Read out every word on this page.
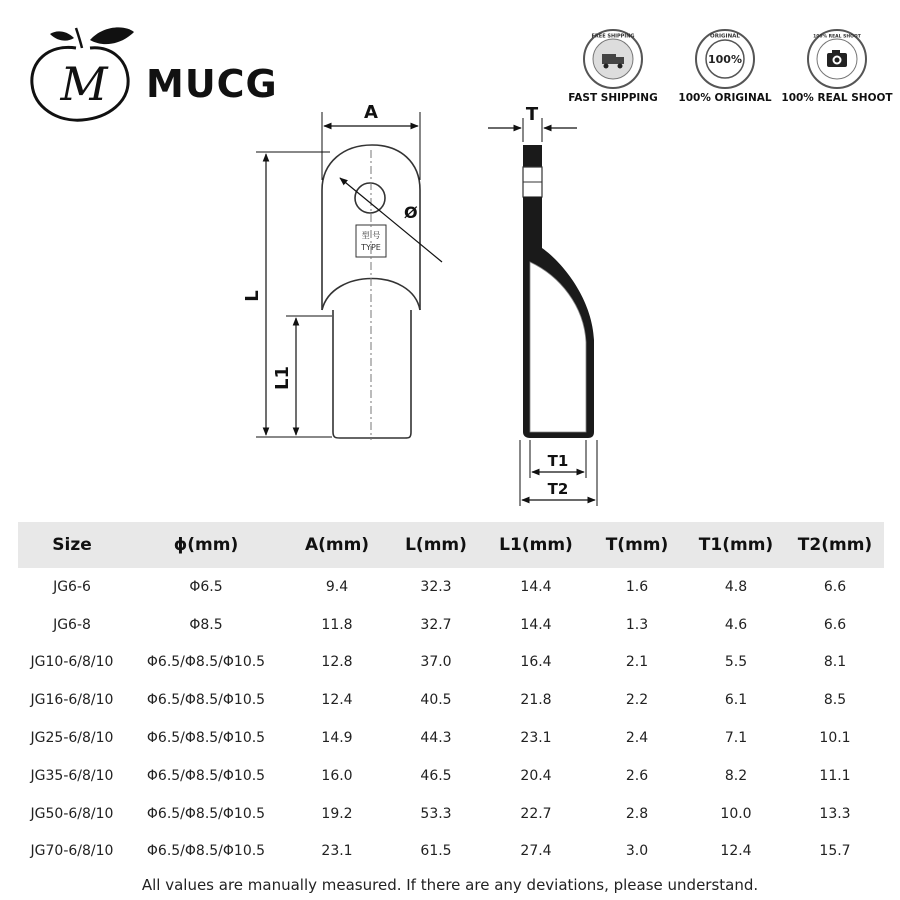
M MUCG
FREE SHIPPING
FAST SHIPPING
100%
ORIGINAL
100% ORIGINAL
100% REAL SHOOT
100% REAL SHOOT
型 号
TYPE
A
Ø
L
L1
T
T1
T2
Size	ϕ(mm)	A(mm)	L(mm)	L1(mm)	T(mm)	T1(mm)	T2(mm)
JG6-6	Φ6.5	9.4	32.3	14.4	1.6	4.8	6.6
JG6-8	Φ8.5	11.8	32.7	14.4	1.3	4.6	6.6
JG10-6/8/10	Φ6.5/Φ8.5/Φ10.5	12.8	37.0	16.4	2.1	5.5	8.1
JG16-6/8/10	Φ6.5/Φ8.5/Φ10.5	12.4	40.5	21.8	2.2	6.1	8.5
JG25-6/8/10	Φ6.5/Φ8.5/Φ10.5	14.9	44.3	23.1	2.4	7.1	10.1
JG35-6/8/10	Φ6.5/Φ8.5/Φ10.5	16.0	46.5	20.4	2.6	8.2	11.1
JG50-6/8/10	Φ6.5/Φ8.5/Φ10.5	19.2	53.3	22.7	2.8	10.0	13.3
JG70-6/8/10	Φ6.5/Φ8.5/Φ10.5	23.1	61.5	27.4	3.0	12.4	15.7
All values are manually measured. If there are any deviations, please understand.
